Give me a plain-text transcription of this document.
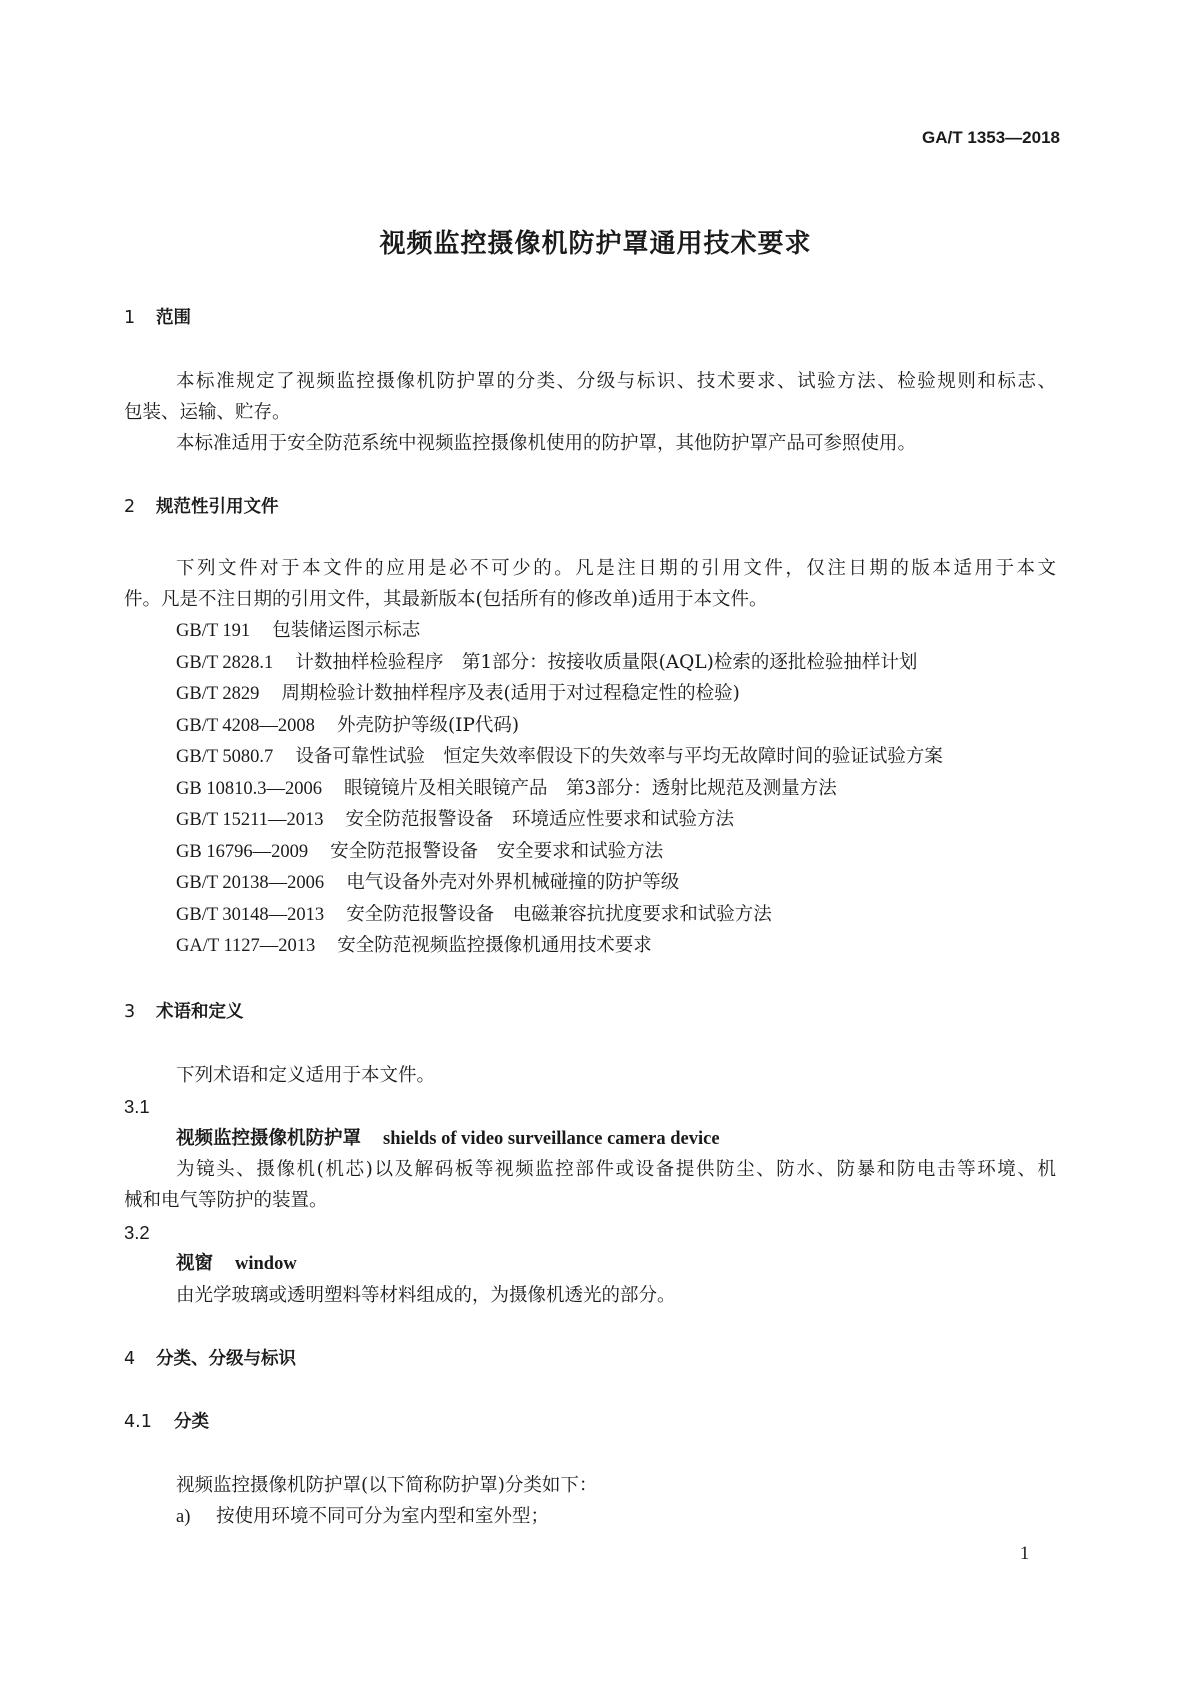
GA/T 1353—2018
视频监控摄像机防护罩通用技术要求
1 范围
本标准规定了视频监控摄像机防护罩的分类、分级与标识、技术要求、试验方法、检验规则和标志、
包装、运输、贮存。
本标准适用于安全防范系统中视频监控摄像机使用的防护罩，其他防护罩产品可参照使用。
2 规范性引用文件
下列文件对于本文件的应用是必不可少的。凡是注日期的引用文件，仅注日期的版本适用于本文
件。凡是不注日期的引用文件，其最新版本(包括所有的修改单)适用于本文件。
GB/T 191 包装储运图示标志
GB/T 2828.1 计数抽样检验程序　第1部分：按接收质量限(AQL)检索的逐批检验抽样计划
GB/T 2829 周期检验计数抽样程序及表(适用于对过程稳定性的检验)
GB/T 4208—2008 外壳防护等级(IP代码)
GB/T 5080.7 设备可靠性试验　恒定失效率假设下的失效率与平均无故障时间的验证试验方案
GB 10810.3—2006 眼镜镜片及相关眼镜产品　第3部分：透射比规范及测量方法
GB/T 15211—2013 安全防范报警设备　环境适应性要求和试验方法
GB 16796—2009 安全防范报警设备　安全要求和试验方法
GB/T 20138—2006 电气设备外壳对外界机械碰撞的防护等级
GB/T 30148—2013 安全防范报警设备　电磁兼容抗扰度要求和试验方法
GA/T 1127—2013 安全防范视频监控摄像机通用技术要求
3 术语和定义
下列术语和定义适用于本文件。
3.1
视频监控摄像机防护罩 shields of video surveillance camera device
为镜头、摄像机(机芯)以及解码板等视频监控部件或设备提供防尘、防水、防暴和防电击等环境、机
械和电气等防护的装置。
3.2
视窗 window
由光学玻璃或透明塑料等材料组成的，为摄像机透光的部分。
4 分类、分级与标识
4.1 分类
视频监控摄像机防护罩(以下简称防护罩)分类如下：
a) 按使用环境不同可分为室内型和室外型；
1
